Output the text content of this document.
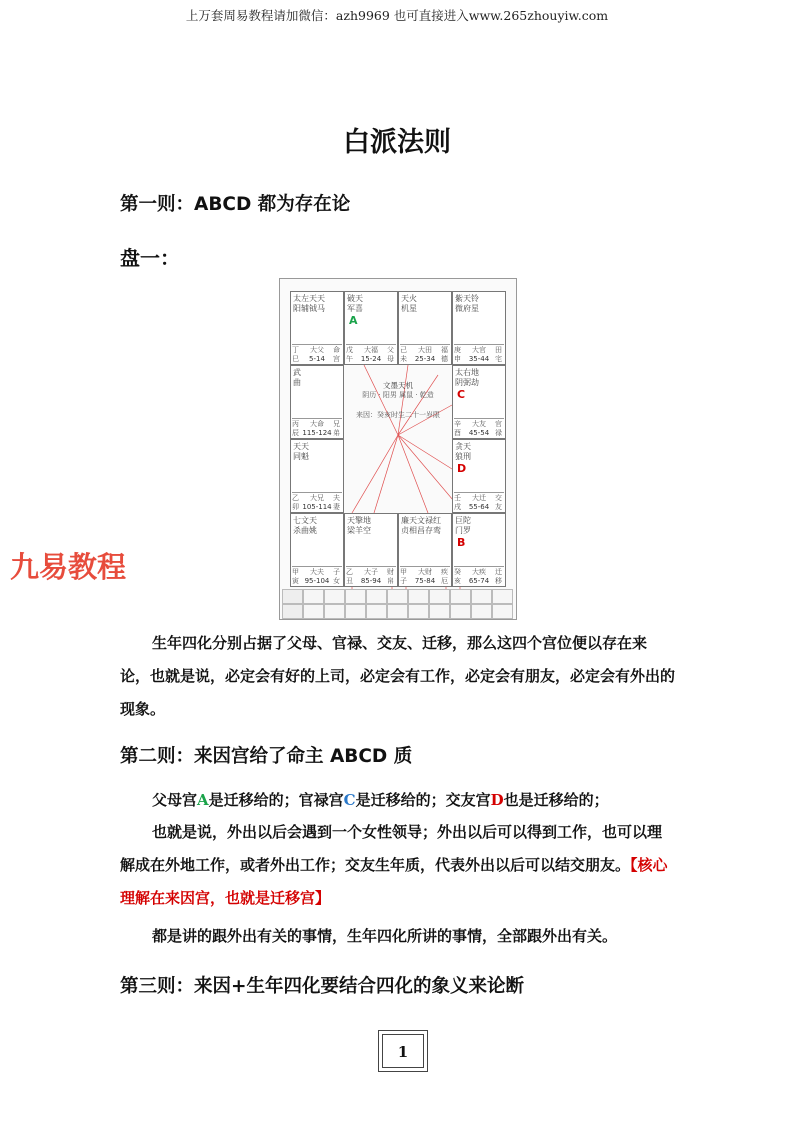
上万套周易教程请加微信：azh9969 也可直接进入www.265zhouyiw.com
白派法则
第一则：ABCD 都为存在论
盘一：
九易教程
文墨天机
阴历 · 阳男 属鼠 · 乾造
来因：癸亥时生二十一岁限
太左天天
阳辅钺马
丁巳
大父
5-14
命宫
破天
军喜
A
戊午
大福
15-24
父母
天火
机星
己未
大田
25-34
福德
紫天铃
微府星
庚申
大官
35-44
田宅
武
曲
丙辰
大命
115-124
兄弟
太右地
阴弼劫
C
辛酉
大友
45-54
官禄
天天
同魁
乙卯
大兄
105-114
夫妻
贪天
狼刑
D
壬戌
大迁
55-64
交友
七文天
杀曲姚
甲寅
大夫
95-104
子女
天擎地
梁羊空
乙丑
大子
85-94
财帛
廉天文禄红
贞相昌存鸾
甲子
大财
75-84
疾厄
巨陀
门罗
B
癸亥
大疾
65-74
迁移
生年四化分别占据了父母、官禄、交友、迁移，那么这四个宫位便以存在来论，也就是说，必定会有好的上司，必定会有工作，必定会有朋友，必定会有外出的现象。
第二则：来因宫给了命主 ABCD 质
父母宫A是迁移给的；官禄宫C是迁移给的；交友宫D也是迁移给的；
也就是说，外出以后会遇到一个女性领导；外出以后可以得到工作，也可以理解成在外地工作，或者外出工作；交友生年质，代表外出以后可以结交朋友。【核心理解在来因宫，也就是迁移宫】
都是讲的跟外出有关的事情，生年四化所讲的事情，全部跟外出有关。
第三则：来因+生年四化要结合四化的象义来论断
1
